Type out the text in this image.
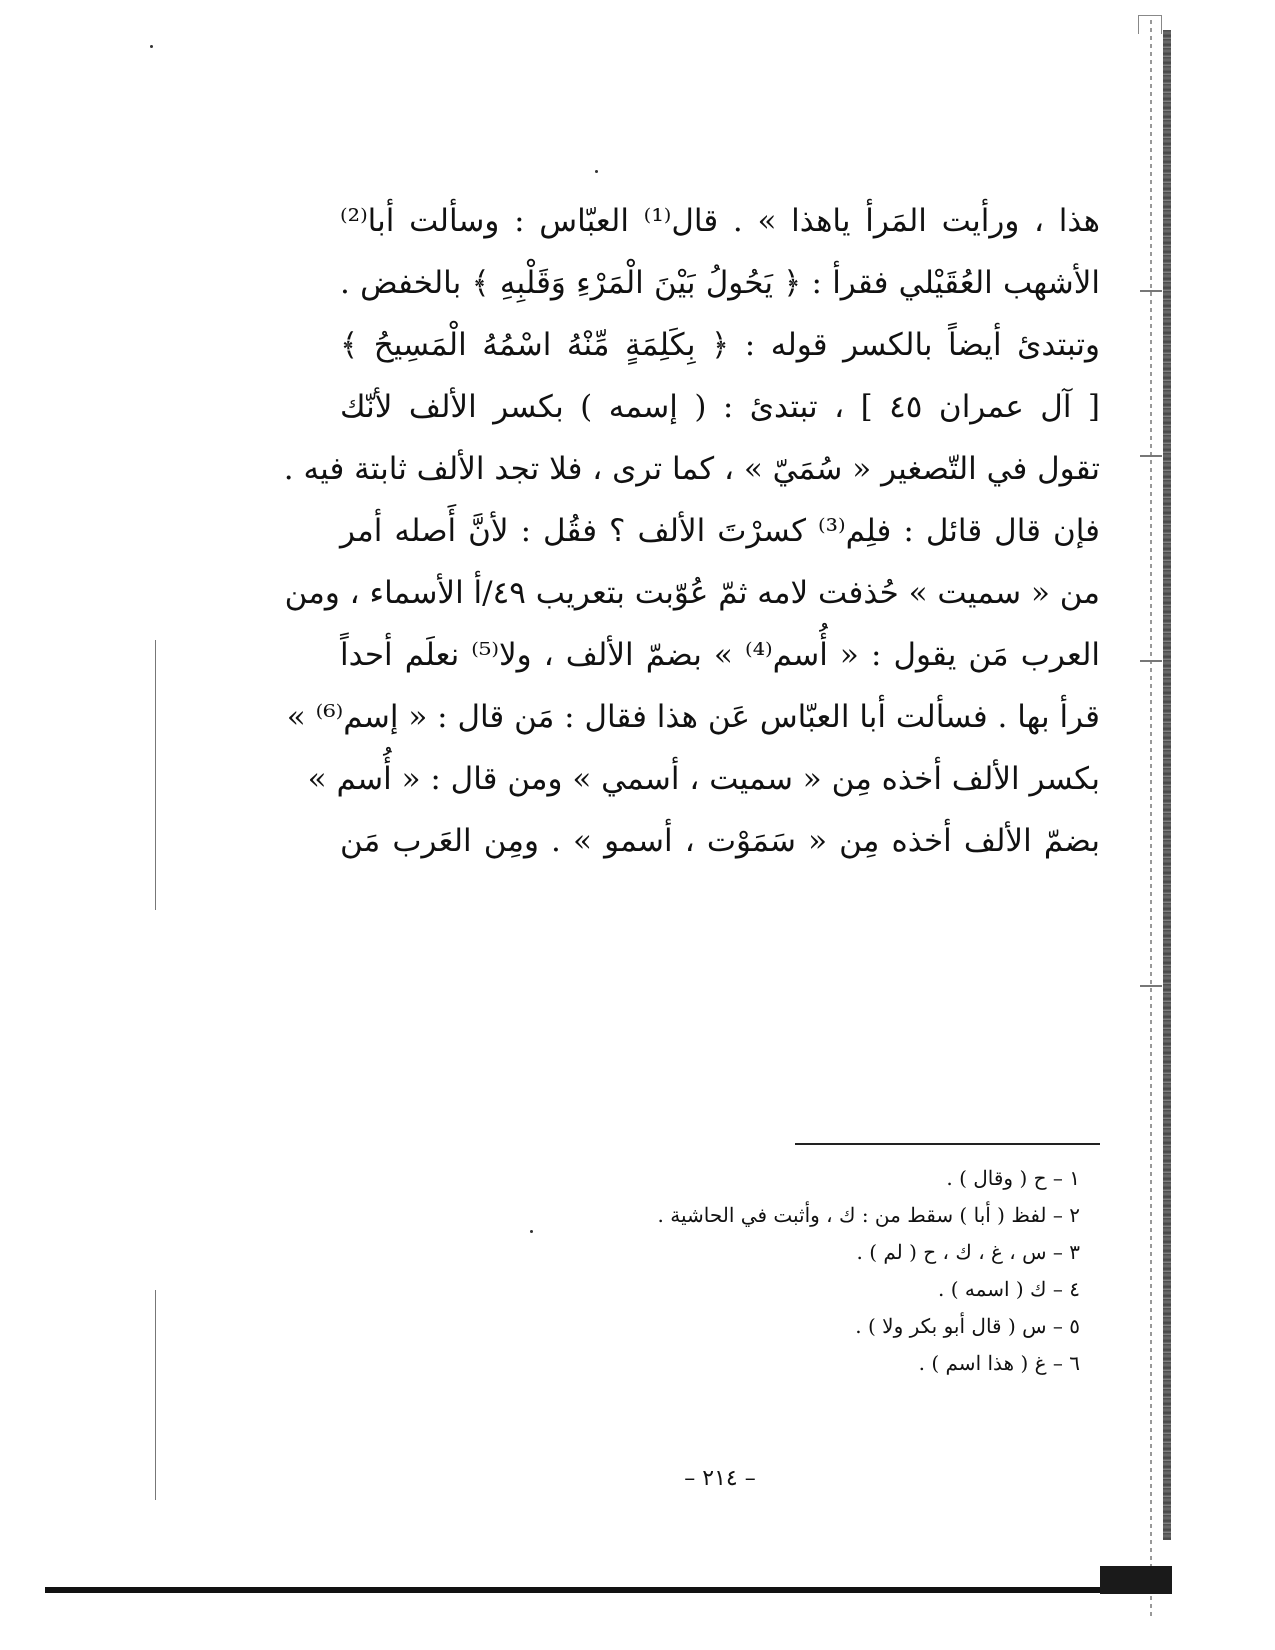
ﻫﺬﺍ ، ﻭﺭﺃﻳﺖ ﺍﻟﻤَﺮﺃ ﻳﺎﻫﺬﺍ » . ﻗﺎﻝ⁽¹⁾ ﺍﻟﻌﺒّﺎﺱ : ﻭﺳﺄﻟﺖ ﺃﺑﺎ⁽²⁾
ﺍﻷﺷﻬﺐ ﺍﻟﻌُﻘَﻴْﻠﻲ ﻓﻘﺮﺃ : ﴿ ﻳَﺤُﻮﻝُ ﺑَﻴْﻦَ ﺍﻟْﻤَﺮْﺀِ ﻭَﻗَﻠْﺒِﻪِ ﴾ ﺑﺎﻟﺨﻔﺾ .
ﻭﺗﺒﺘﺪﺉ ﺃﻳﻀﺎً ﺑﺎﻟﻜﺴﺮ ﻗﻮﻟﻪ : ﴿ ﺑِﻜَﻠِﻤَﺔٍ ﻣِّﻨْﻪُ ﺍﺳْﻤُﻪُ ﺍﻟْﻤَﺴِﻴﺢُ ﴾
[ ﺁﻝ ﻋﻤﺮﺍﻥ ٤٥ ] ، ﺗﺒﺘﺪﺉ : ( ﺇﺳﻤﻪ ) ﺑﻜﺴﺮ ﺍﻷﻟﻒ ﻷﻧّﻚ
ﺗﻘﻮﻝ ﻓﻲ ﺍﻟﺘّﺼﻐﻴﺮ « ﺳُﻤَﻲّ » ، ﻛﻤﺎ ﺗﺮﻯ ، ﻓﻼ ﺗﺠﺪ ﺍﻷﻟﻒ ﺛﺎﺑﺘﺔ ﻓﻴﻪ .
ﻓﺈﻥ ﻗﺎﻝ ﻗﺎﺋﻞ : ﻓﻠِﻢ⁽³⁾ ﻛﺴﺮْﺕَ ﺍﻷﻟﻒ ؟ ﻓﻘُﻞ : ﻷﻥَّ ﺃَﺻﻠﻪ ﺃﻣﺮ
ﻣﻦ « ﺳﻤﻴﺖ » ﺣُﺬﻓﺖ ﻻﻣﻪ ﺛﻢّ ﻋُﻮّﺑﺖ ﺑﺘﻌﺮﻳﺐ ٤٩/ﺃ ﺍﻷﺳﻤﺎﺀ ، ﻭﻣﻦ
ﺍﻟﻌﺮﺏ ﻣَﻦ ﻳﻘﻮﻝ : « ﺃُﺳﻢ⁽⁴⁾ » ﺑﻀﻢّ ﺍﻷﻟﻒ ، ﻭﻻ⁽⁵⁾ ﻧﻌﻠَﻢ ﺃﺣﺪﺍً
ﻗﺮﺃ ﺑﻬﺎ . ﻓﺴﺄﻟﺖ ﺃﺑﺎ ﺍﻟﻌﺒّﺎﺱ ﻋَﻦ ﻫﺬﺍ ﻓﻘﺎﻝ : ﻣَﻦ ﻗﺎﻝ : « ﺇﺳﻢ⁽⁶⁾ »
ﺑﻜﺴﺮ ﺍﻷﻟﻒ ﺃﺧﺬﻩ ﻣِﻦ « ﺳﻤﻴﺖ ، ﺃﺳﻤﻲ » ﻭﻣﻦ ﻗﺎﻝ : « ﺃُﺳﻢ »
ﺑﻀﻢّ ﺍﻷﻟﻒ ﺃﺧﺬﻩ ﻣِﻦ « ﺳَﻤَﻮْﺕ ، ﺃﺳﻤﻮ » . ﻭﻣِﻦ ﺍﻟﻌَﺮﺏ ﻣَﻦ
١ – ح ( ﻭﻗﺎﻝ ) .
٢ – ﻟﻔﻆ ( ﺃﺑﺎ ) ﺳﻘﻂ ﻣﻦ : ﻙ ، ﻭﺃﺛﺒﺖ ﻓﻲ ﺍﻟﺤﺎﺷﻴﺔ .
٣ – ﺱ ، ﻍ ، ﻙ ، ﺡ ( ﻟﻢ ) .
٤ – ﻙ ( ﺍﺳﻤﻪ ) .
٥ – ﺱ ( ﻗﺎﻝ ﺃﺑﻮ ﺑﻜﺮ ﻭﻻ ) .
٦ – ﻍ ( ﻫﺬﺍ ﺍﺳﻢ ) .
– ٢١٤ –
